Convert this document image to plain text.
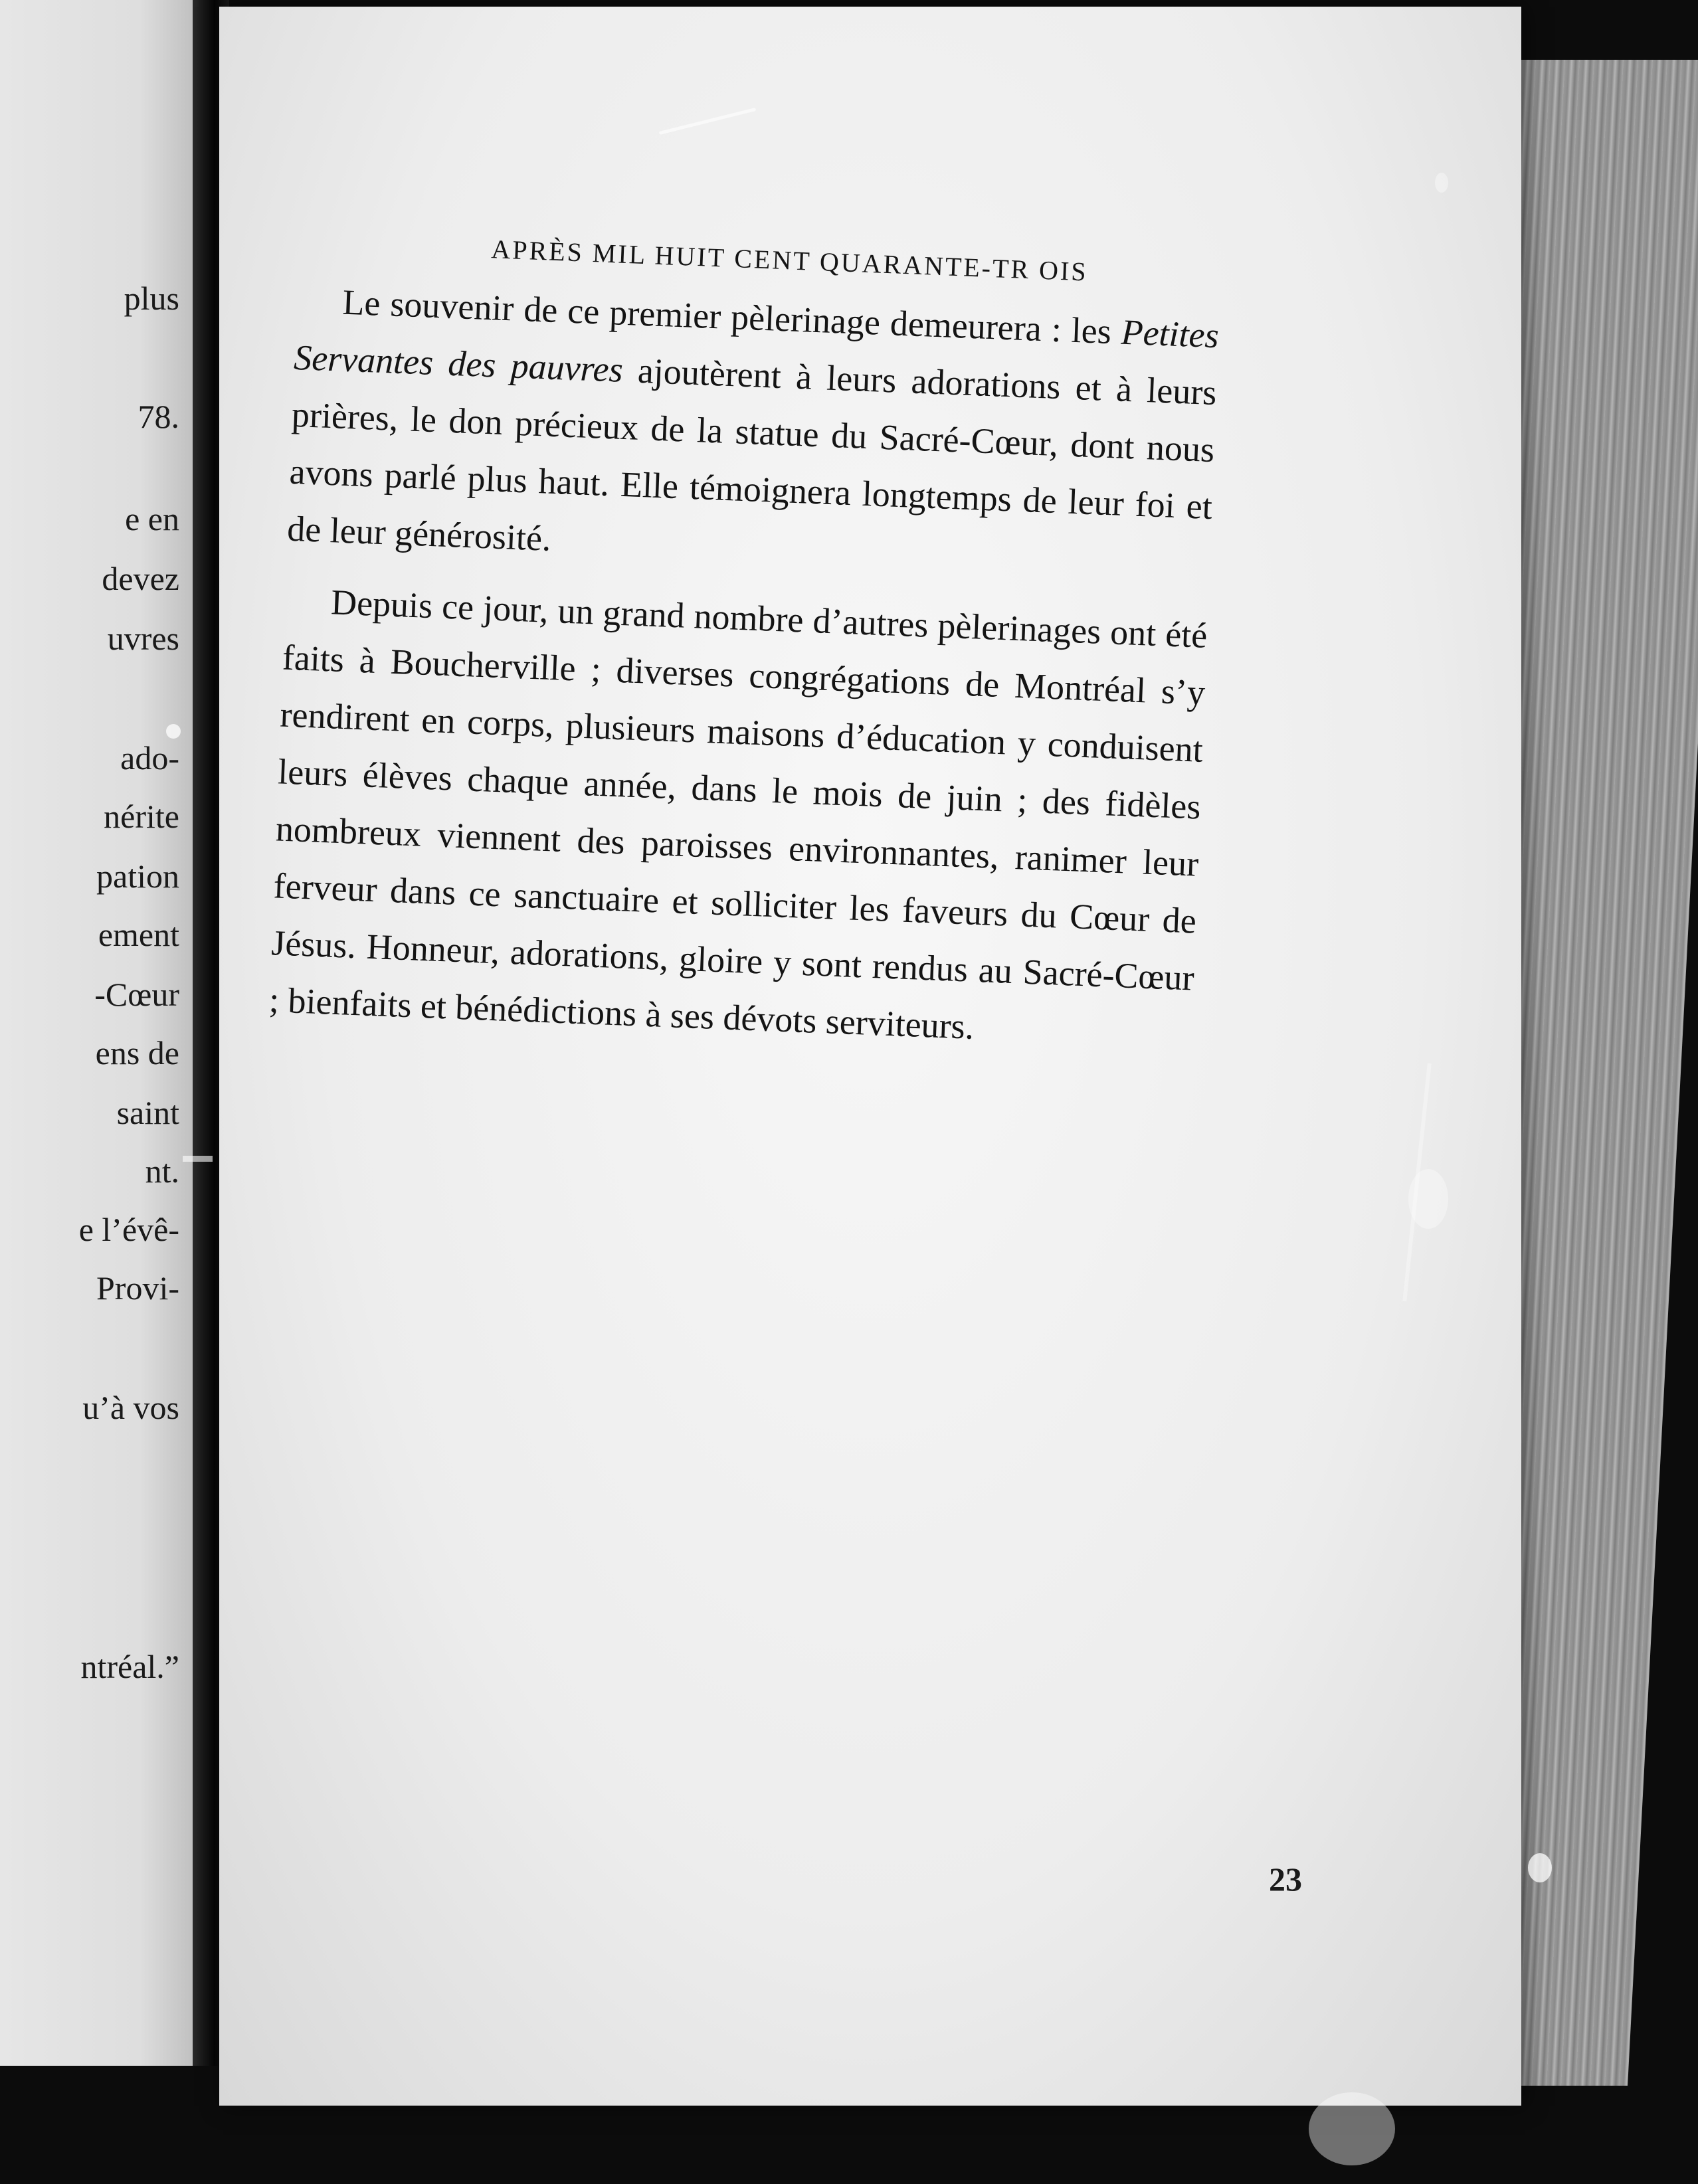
plus
78.
e en
devez
uvres
ado-
nérite
pation
ement
-Cœur
ens de
saint
nt.
e l’évê-
Provi-
u’à vos
ntréal.”
APRÈS MIL HUIT CENT QUARANTE-TR OIS

Le souvenir de ce premier pèlerinage demeurera : les Petites Servantes des pauvres ajoutèrent à leurs adorations et à leurs prières, le don précieux de la statue du Sacré-Cœur, dont nous avons parlé plus haut. Elle témoignera longtemps de leur foi et de leur générosité.

Depuis ce jour, un grand nombre d’autres pèlerinages ont été faits à Boucherville ; diverses congrégations de Montréal s’y rendirent en corps, plusieurs maisons d’éducation y conduisent leurs élèves chaque année, dans le mois de juin ; des fidèles nombreux viennent des paroisses environnantes, ranimer leur ferveur dans ce sanctuaire et solliciter les faveurs du Cœur de Jésus. Honneur, adorations, gloire y sont rendus au Sacré-Cœur ; bienfaits et bénédictions à ses dévots serviteurs.

23
